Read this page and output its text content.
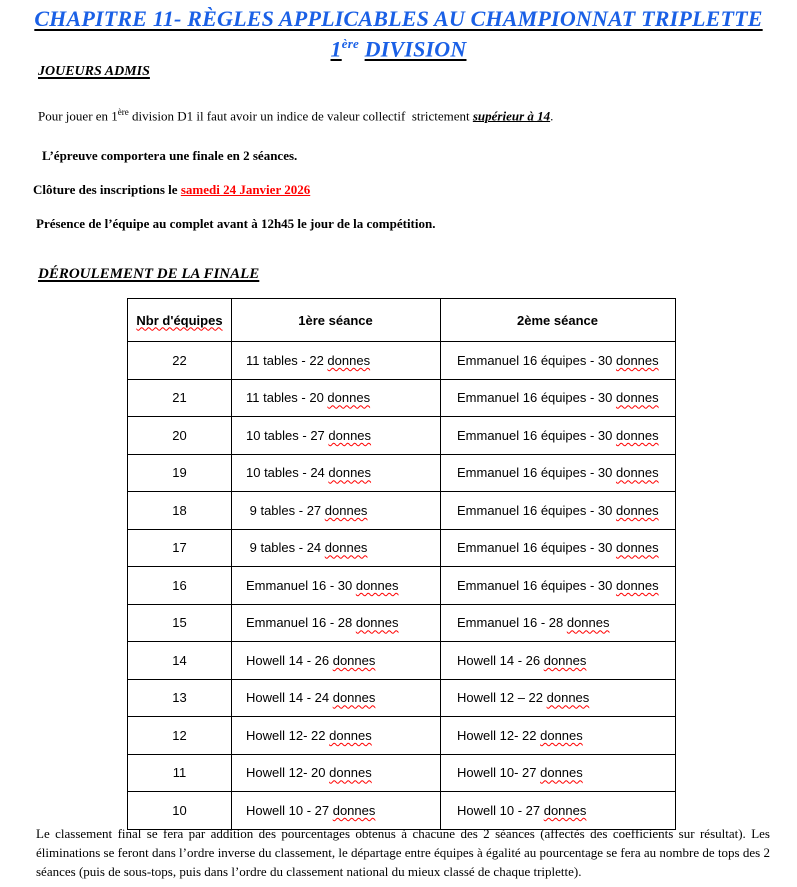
CHAPITRE 11- RÈGLES APPLICABLES AU CHAMPIONNAT TRIPLETTE
1ère DIVISION
JOUEURS ADMIS

Pour jouer en 1ère division D1 il faut avoir un indice de valeur collectif  strictement supérieur à 14.

L’épreuve comportera une finale en 2 séances.

Clôture des inscriptions le samedi 24 Janvier 2026

Présence de l’équipe au complet avant à 12h45 le jour de la compétition.

DÉROULEMENT DE LA FINALE
Nbr d'équipes	1ère séance	2ème séance
22	11 tables - 22 donnes	Emmanuel 16 équipes - 30 donnes
21	11 tables - 20 donnes	Emmanuel 16 équipes - 30 donnes
20	10 tables - 27 donnes	Emmanuel 16 équipes - 30 donnes
19	10 tables - 24 donnes	Emmanuel 16 équipes - 30 donnes
18	9 tables - 27 donnes	Emmanuel 16 équipes - 30 donnes
17	9 tables - 24 donnes	Emmanuel 16 équipes - 30 donnes
16	Emmanuel 16 - 30 donnes	Emmanuel 16 équipes - 30 donnes
15	Emmanuel 16 - 28 donnes	Emmanuel 16 - 28 donnes
14	Howell 14 - 26 donnes	Howell 14 - 26 donnes
13	Howell 14 - 24 donnes	Howell 12 – 22 donnes
12	Howell 12- 22 donnes	Howell 12- 22 donnes
11	Howell 12- 20 donnes	Howell 10- 27 donnes
10	Howell 10 - 27 donnes	Howell 10 - 27 donnes

Le classement final se fera par addition des pourcentages obtenus à chacune des 2 séances (affectés des coefficients sur résultat). Les éliminations se feront dans l’ordre inverse du classement, le départage entre équipes à égalité au pourcentage se fera au nombre de tops des 2 séances (puis de sous-tops, puis dans l’ordre du classement national du mieux classé de chaque triplette).
